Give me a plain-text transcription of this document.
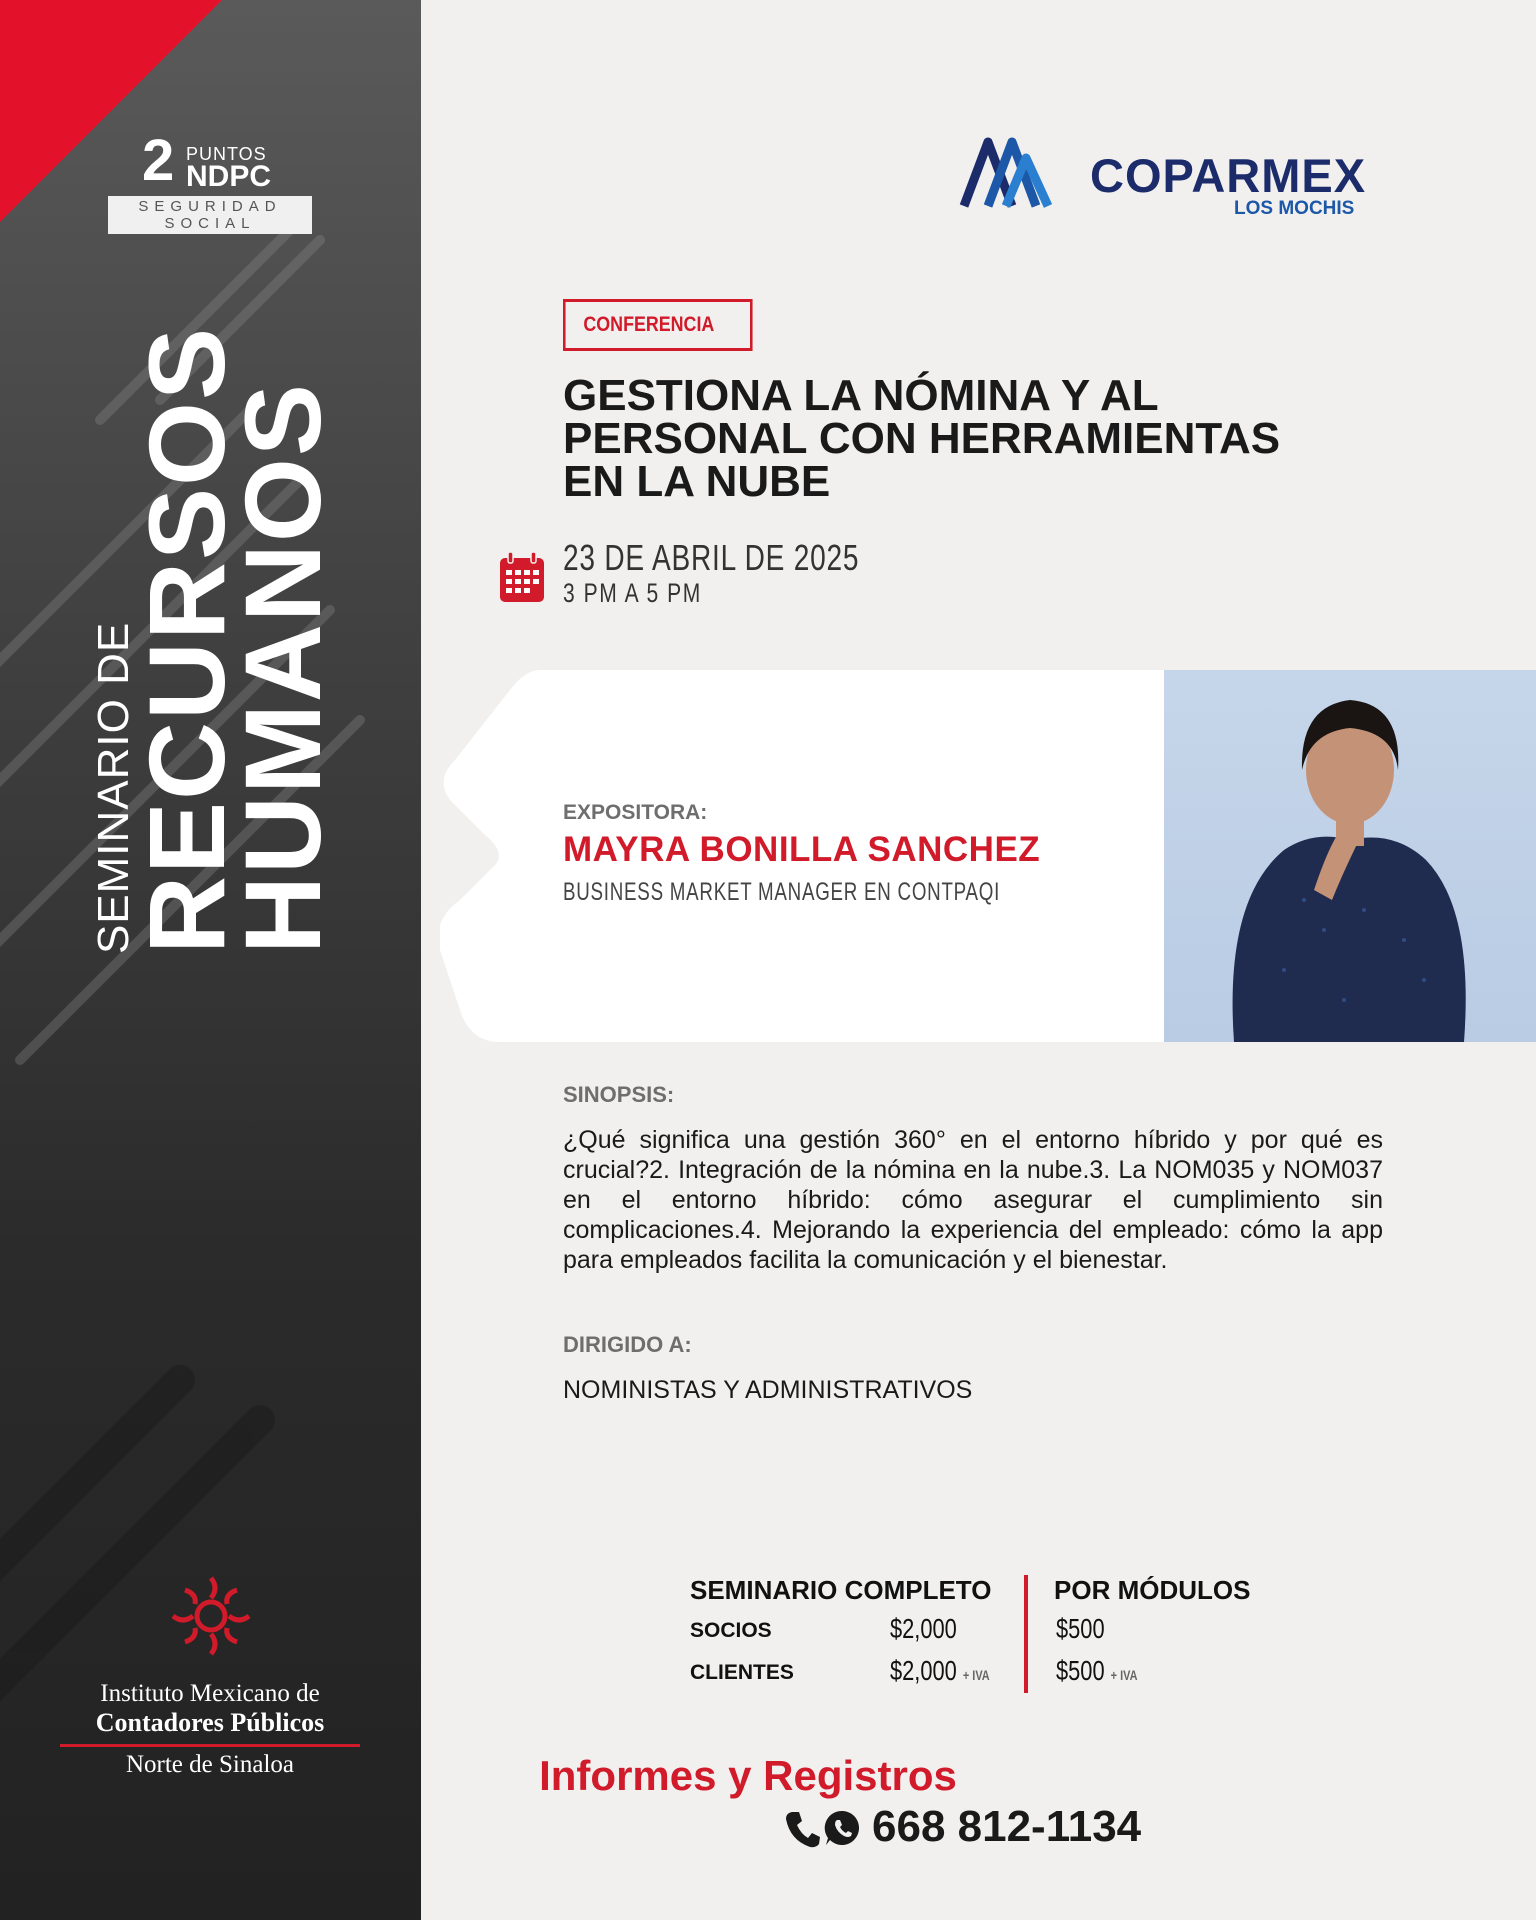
2 PUNTOS
NDPC
SEGURIDAD
SOCIAL
SEMINARIO DE
RECURSOS
HUMANOS
Instituto Mexicano de
Contadores Públicos
Norte de Sinaloa
COPARMEX
LOS MOCHIS
CONFERENCIA
GESTIONA LA NÓMINA Y AL
PERSONAL CON HERRAMIENTAS
EN LA NUBE
23 DE ABRIL DE 2025
3 PM A 5 PM
EXPOSITORA:
MAYRA BONILLA SANCHEZ
BUSINESS MARKET MANAGER EN CONTPAQI
SINOPSIS:
¿Qué significa una gestión 360° en el entorno híbrido y por qué es crucial?2. Integración de la nómina en la nube.3. La NOM035 y NOM037 en el entorno híbrido: cómo asegurar el cumplimiento sin complicaciones.4. Mejorando la experiencia del empleado: cómo la app para empleados facilita la comunicación y el bienestar.
DIRIGIDO A:
NOMINISTAS Y ADMINISTRATIVOS
SEMINARIO COMPLETO
SOCIOS	$2,000
CLIENTES	$2,000 + IVA
POR MÓDULOS
$500
$500 + IVA
Informes y Registros
668 812-1134
